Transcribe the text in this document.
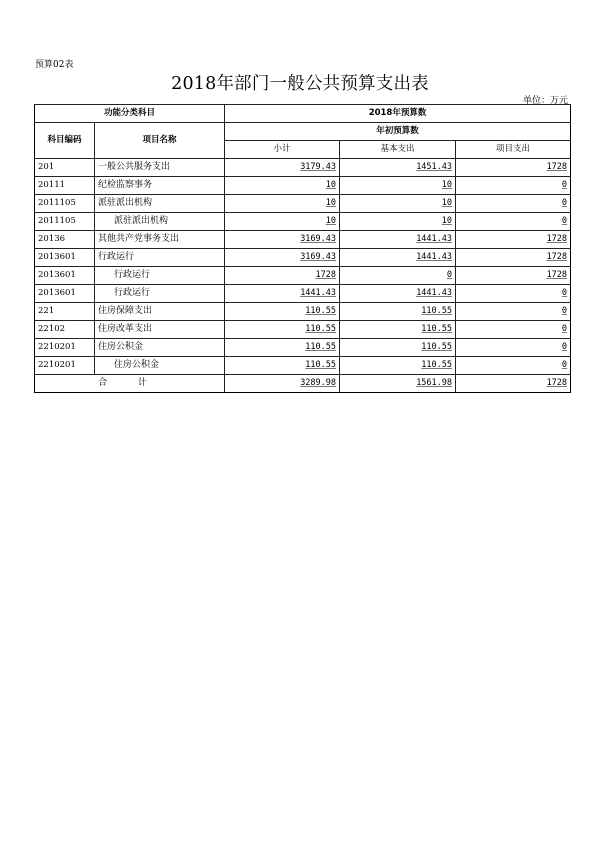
预算02表
2018年部门一般公共预算支出表
单位：万元
功能分类科目		2018年预算数		
科目编码	项目名称	年初预算数		
		小计	基本支出	项目支出
201	一般公共服务支出	3179.43	1451.43	1728
20111	纪检监察事务	10	10	0
2011105	派驻派出机构	10	10	0
2011105	派驻派出机构	10	10	0
20136	其他共产党事务支出	3169.43	1441.43	1728
2013601	行政运行	3169.43	1441.43	1728
2013601	行政运行	1728	0	1728
2013601	行政运行	1441.43	1441.43	0
221	住房保障支出	110.55	110.55	0
22102	住房改革支出	110.55	110.55	0
2210201	住房公积金	110.55	110.55	0
2210201	住房公积金	110.55	110.55	0
合 计		3289.98	1561.98	1728
